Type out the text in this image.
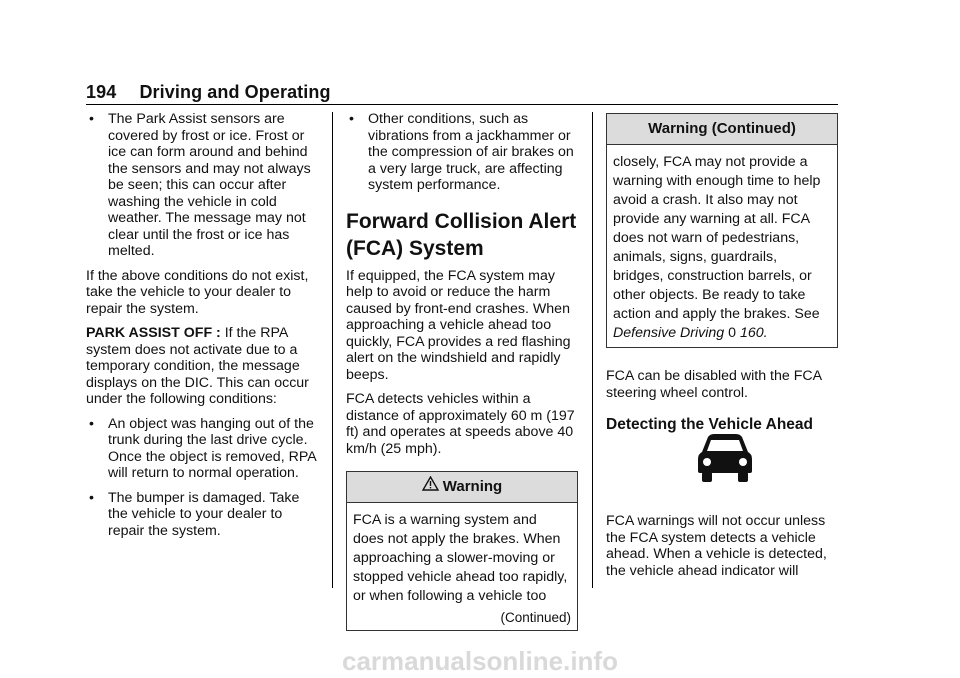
194 Driving and Operating
• The Park Assist sensors are covered by frost or ice. Frost or ice can form around and behind the sensors and may not always be seen; this can occur after washing the vehicle in cold weather. The message may not clear until the frost or ice has melted.

If the above conditions do not exist, take the vehicle to your dealer to repair the system.

PARK ASSIST OFF : If the RPA system does not activate due to a temporary condition, the message displays on the DIC. This can occur under the following conditions:

• An object was hanging out of the trunk during the last drive cycle. Once the object is removed, RPA will return to normal operation.
• The bumper is damaged. Take the vehicle to your dealer to repair the system.
• Other conditions, such as vibrations from a jackhammer or the compression of air brakes on a very large truck, are affecting system performance.
Forward Collision Alert (FCA) System

If equipped, the FCA system may help to avoid or reduce the harm caused by front-end crashes. When approaching a vehicle ahead too quickly, FCA provides a red flashing alert on the windshield and rapidly beeps.

FCA detects vehicles within a distance of approximately 60 m (197 ft) and operates at speeds above 40 km/h (25 mph).

Warning
FCA is a warning system and does not apply the brakes. When approaching a slower-moving or stopped vehicle ahead too rapidly, or when following a vehicle too
(Continued)
Warning (Continued)
closely, FCA may not provide a warning with enough time to help avoid a crash. It also may not provide any warning at all. FCA does not warn of pedestrians, animals, signs, guardrails, bridges, construction barrels, or other objects. Be ready to take action and apply the brakes. See Defensive Driving 0 160.

FCA can be disabled with the FCA steering wheel control.

Detecting the Vehicle Ahead

FCA warnings will not occur unless the FCA system detects a vehicle ahead. When a vehicle is detected, the vehicle ahead indicator will

carmanualsonline.info
